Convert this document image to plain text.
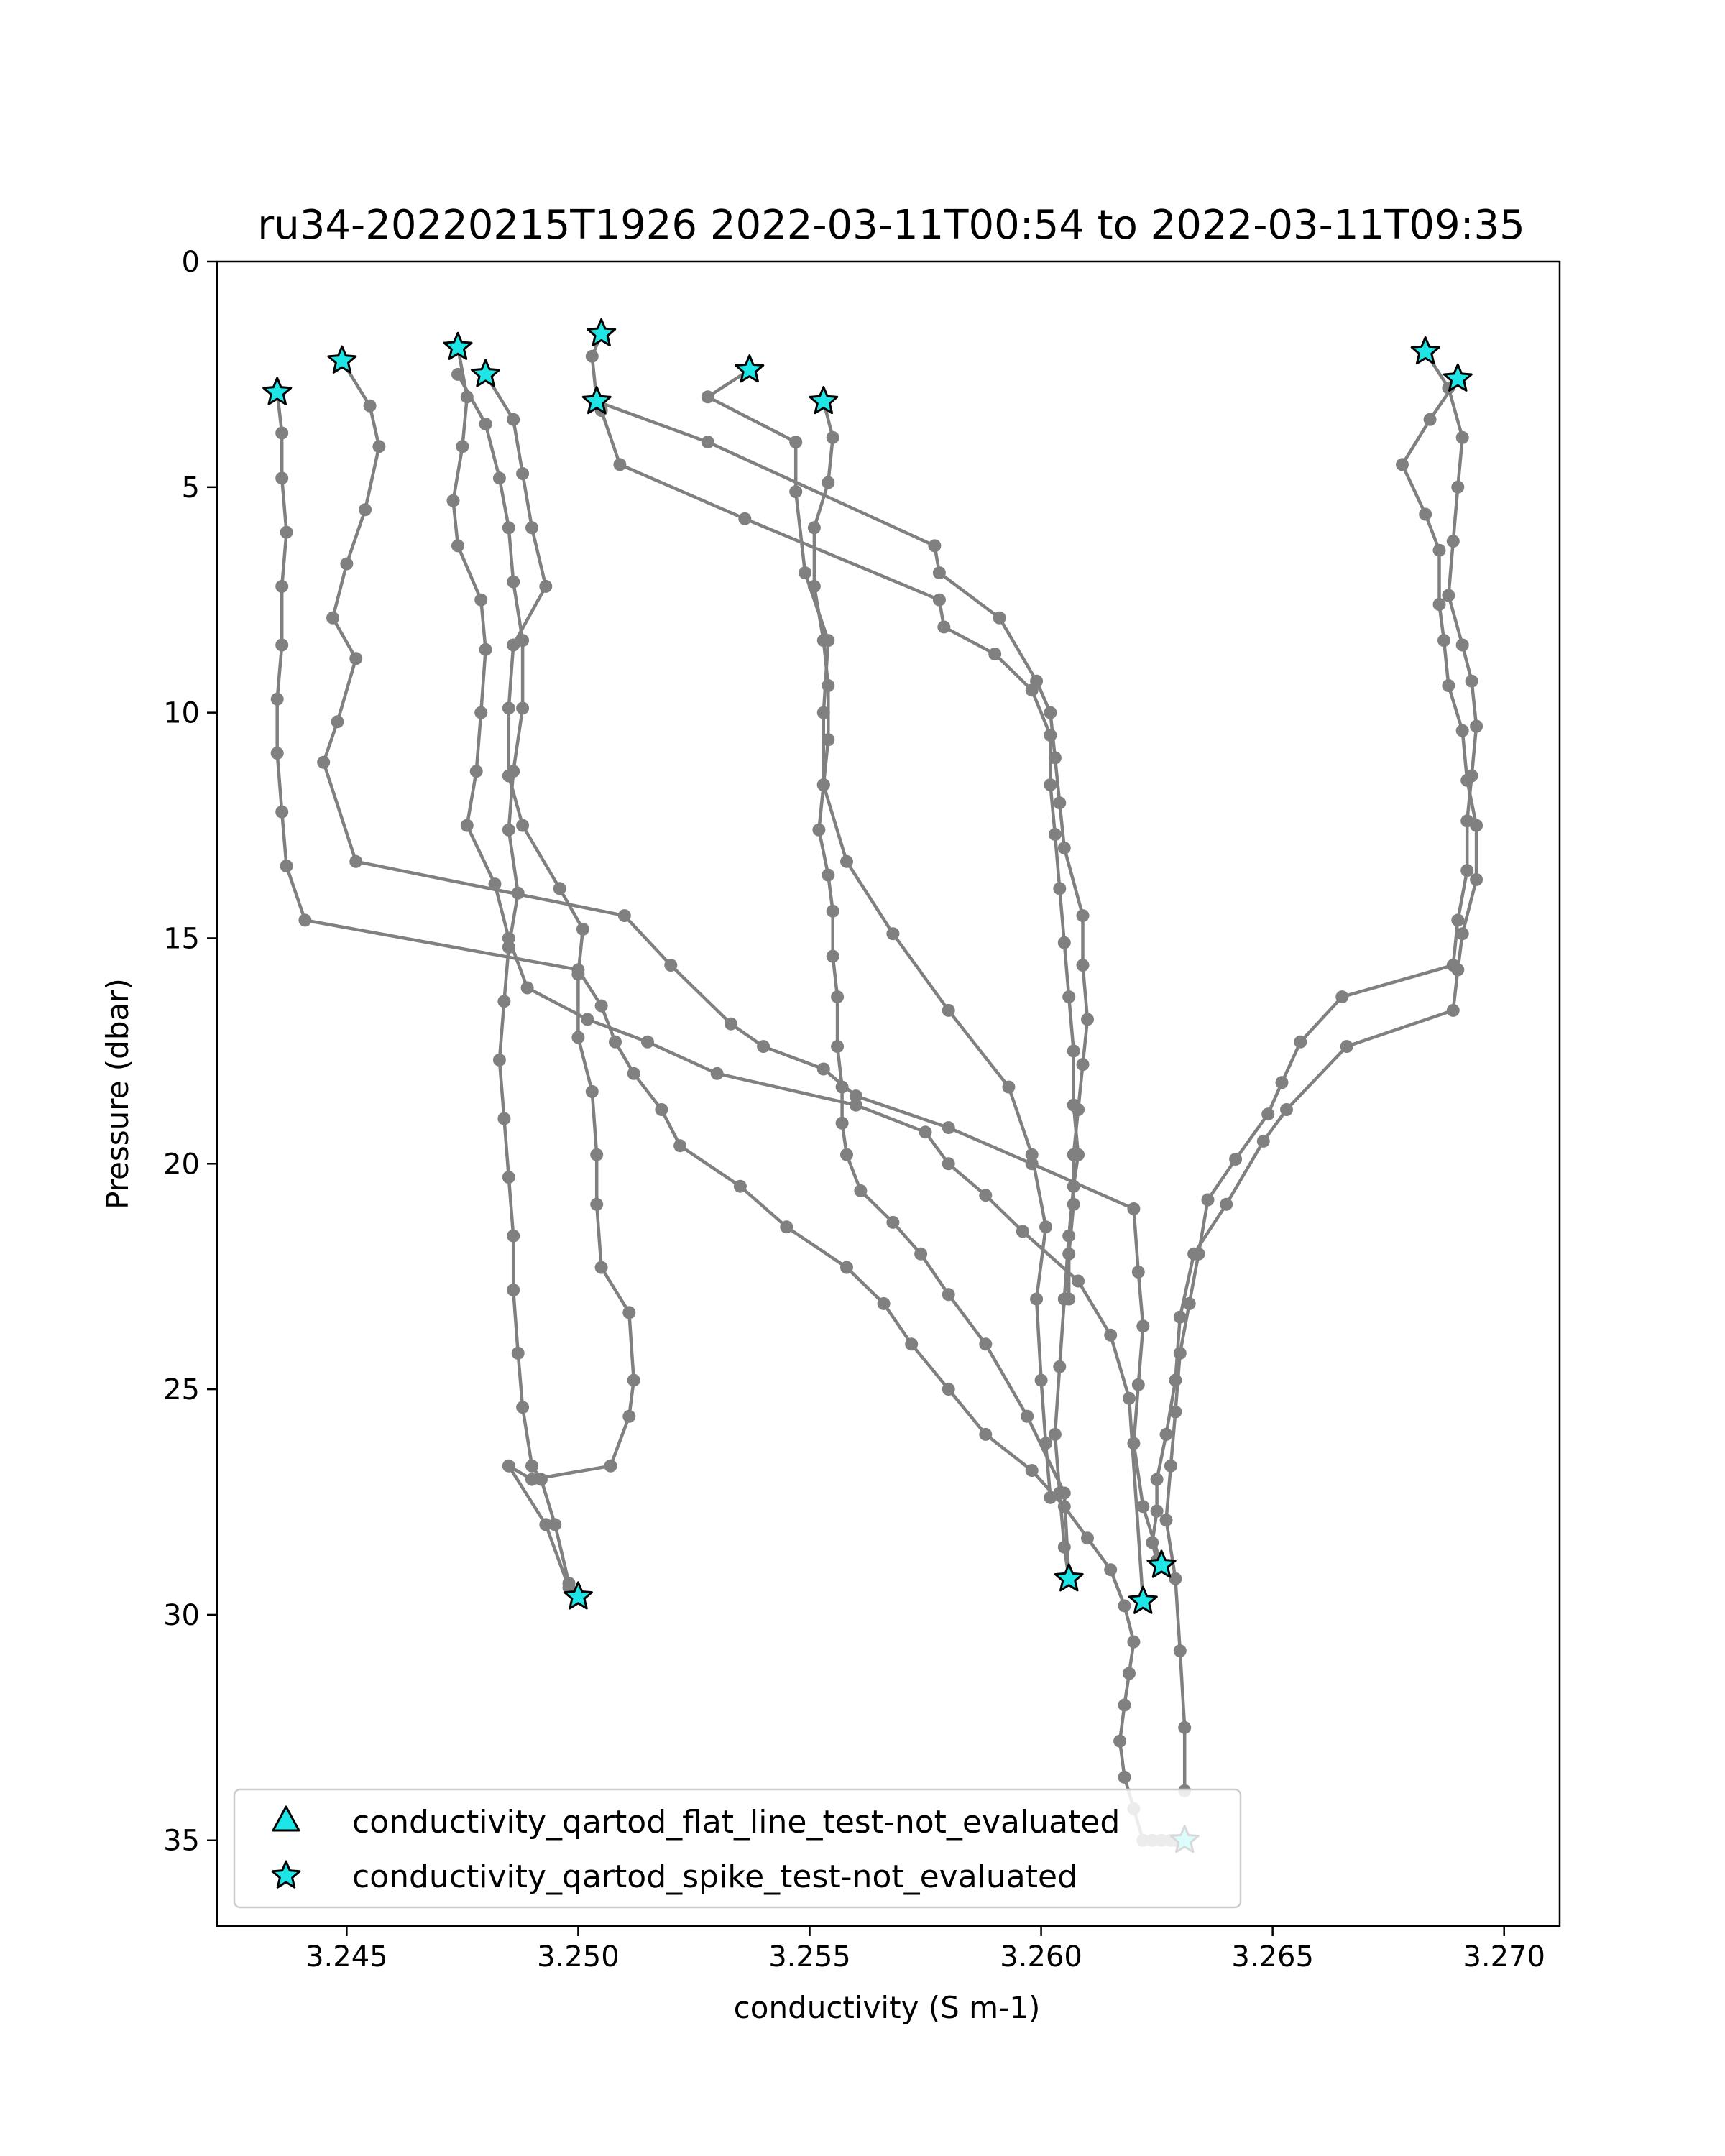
ru34-20220215T1926 2022-03-11T00:54 to 2022-03-11T09:35
3.245	3.250	3.255	3.260	3.265	3.270
0
5
10
15
20
25
30
35
conductivity (S m-1)
Pressure (dbar)
conductivity_qartod_flat_line_test-not_evaluated
conductivity_qartod_spike_test-not_evaluated
